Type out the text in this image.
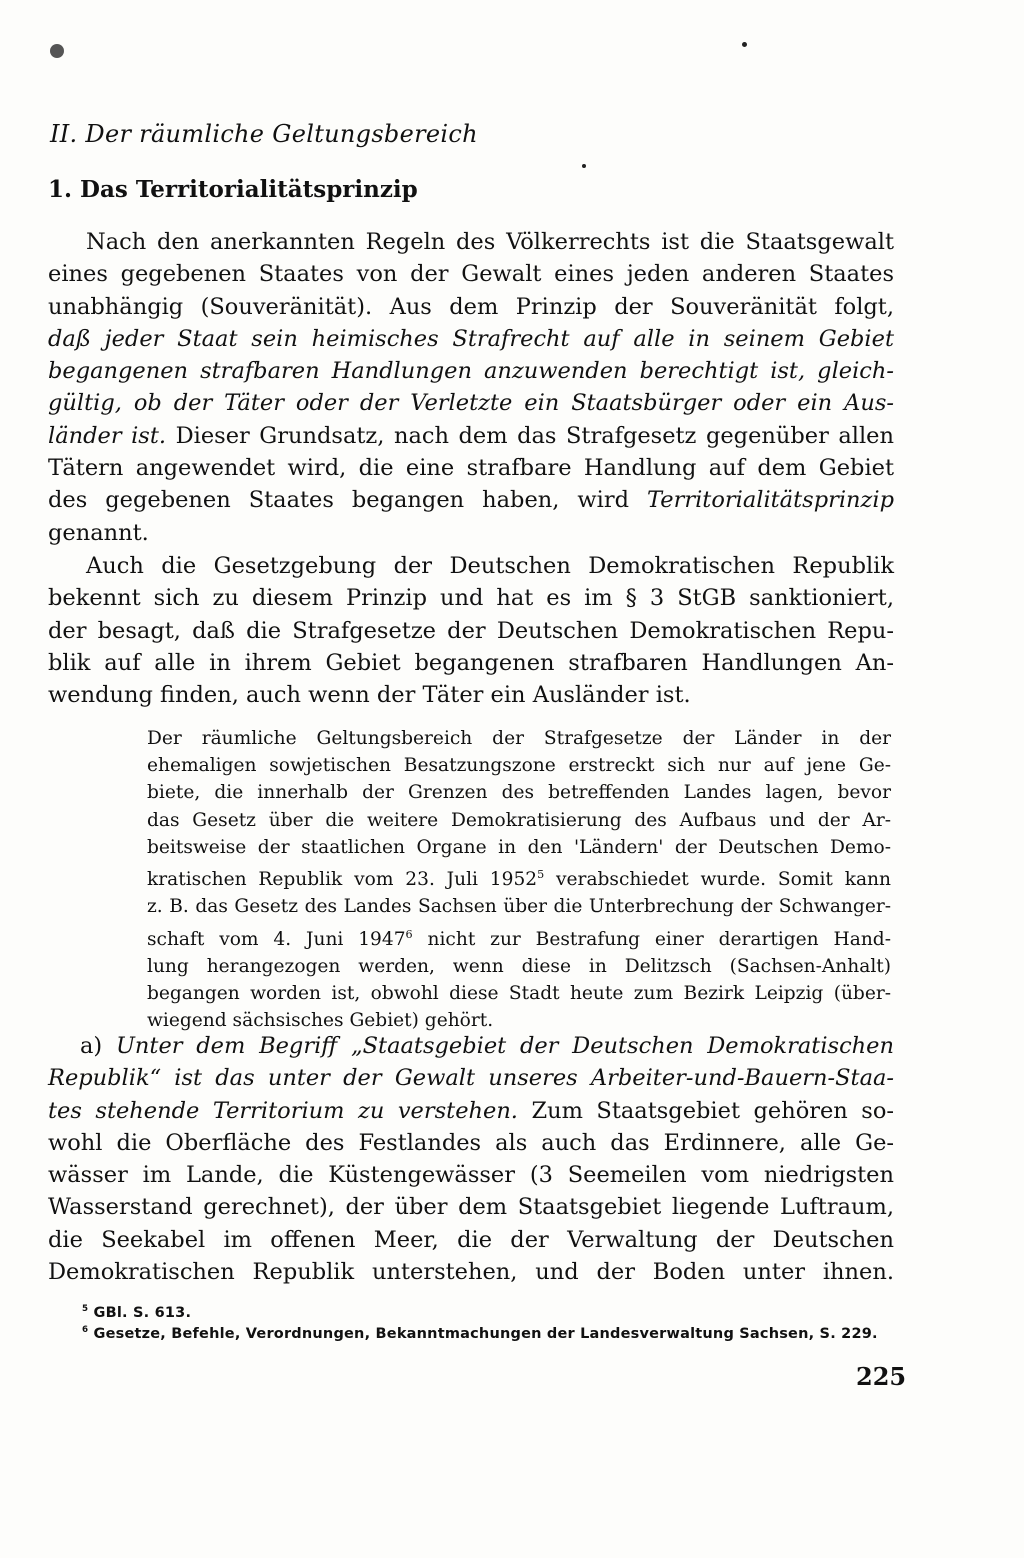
II. Der räumliche Geltungsbereich
1. Das Territorialitätsprinzip
Nach den anerkannten Regeln des Völkerrechts ist die Staatsgewalt
eines gegebenen Staates von der Gewalt eines jeden anderen Staates
unabhängig (Souveränität). Aus dem Prinzip der Souveränität folgt,
daß jeder Staat sein heimisches Strafrecht auf alle in seinem Gebiet
begangenen strafbaren Handlungen anzuwenden berechtigt ist, gleich-
gültig, ob der Täter oder der Verletzte ein Staatsbürger oder ein Aus-
länder ist. Dieser Grundsatz, nach dem das Strafgesetz gegenüber allen
Tätern angewendet wird, die eine strafbare Handlung auf dem Gebiet
des gegebenen Staates begangen haben, wird Territorialitätsprinzip
genannt.
Auch die Gesetzgebung der Deutschen Demokratischen Republik
bekennt sich zu diesem Prinzip und hat es im § 3 StGB sanktioniert,
der besagt, daß die Strafgesetze der Deutschen Demokratischen Repu-
blik auf alle in ihrem Gebiet begangenen strafbaren Handlungen An-
wendung finden, auch wenn der Täter ein Ausländer ist.
Der räumliche Geltungsbereich der Strafgesetze der Länder in der
ehemaligen sowjetischen Besatzungszone erstreckt sich nur auf jene Ge-
biete, die innerhalb der Grenzen des betreffenden Landes lagen, bevor
das Gesetz über die weitere Demokratisierung des Aufbaus und der Ar-
beitsweise der staatlichen Organe in den 'Ländern' der Deutschen Demo-
kratischen Republik vom 23. Juli 1952$^5$ verabschiedet wurde. Somit kann
z. B. das Gesetz des Landes Sachsen über die Unterbrechung der Schwanger-
schaft vom 4. Juni 1947$^6$ nicht zur Bestrafung einer derartigen Hand-
lung herangezogen werden, wenn diese in Delitzsch (Sachsen-Anhalt)
begangen worden ist, obwohl diese Stadt heute zum Bezirk Leipzig (über-
wiegend sächsisches Gebiet) gehört.
a) Unter dem Begriff „Staatsgebiet der Deutschen Demokratischen
Republik“ ist das unter der Gewalt unseres Arbeiter-und-Bauern-Staa-
tes stehende Territorium zu verstehen. Zum Staatsgebiet gehören so-
wohl die Oberfläche des Festlandes als auch das Erdinnere, alle Ge-
wässer im Lande, die Küstengewässer (3 Seemeilen vom niedrigsten
Wasserstand gerechnet), der über dem Staatsgebiet liegende Luftraum,
die Seekabel im offenen Meer, die der Verwaltung der Deutschen
Demokratischen Republik unterstehen, und der Boden unter ihnen.
$^5$ GBl. S. 613.
$^6$ Gesetze, Befehle, Verordnungen, Bekanntmachungen der Landesverwaltung Sachsen, S. 229.
225
